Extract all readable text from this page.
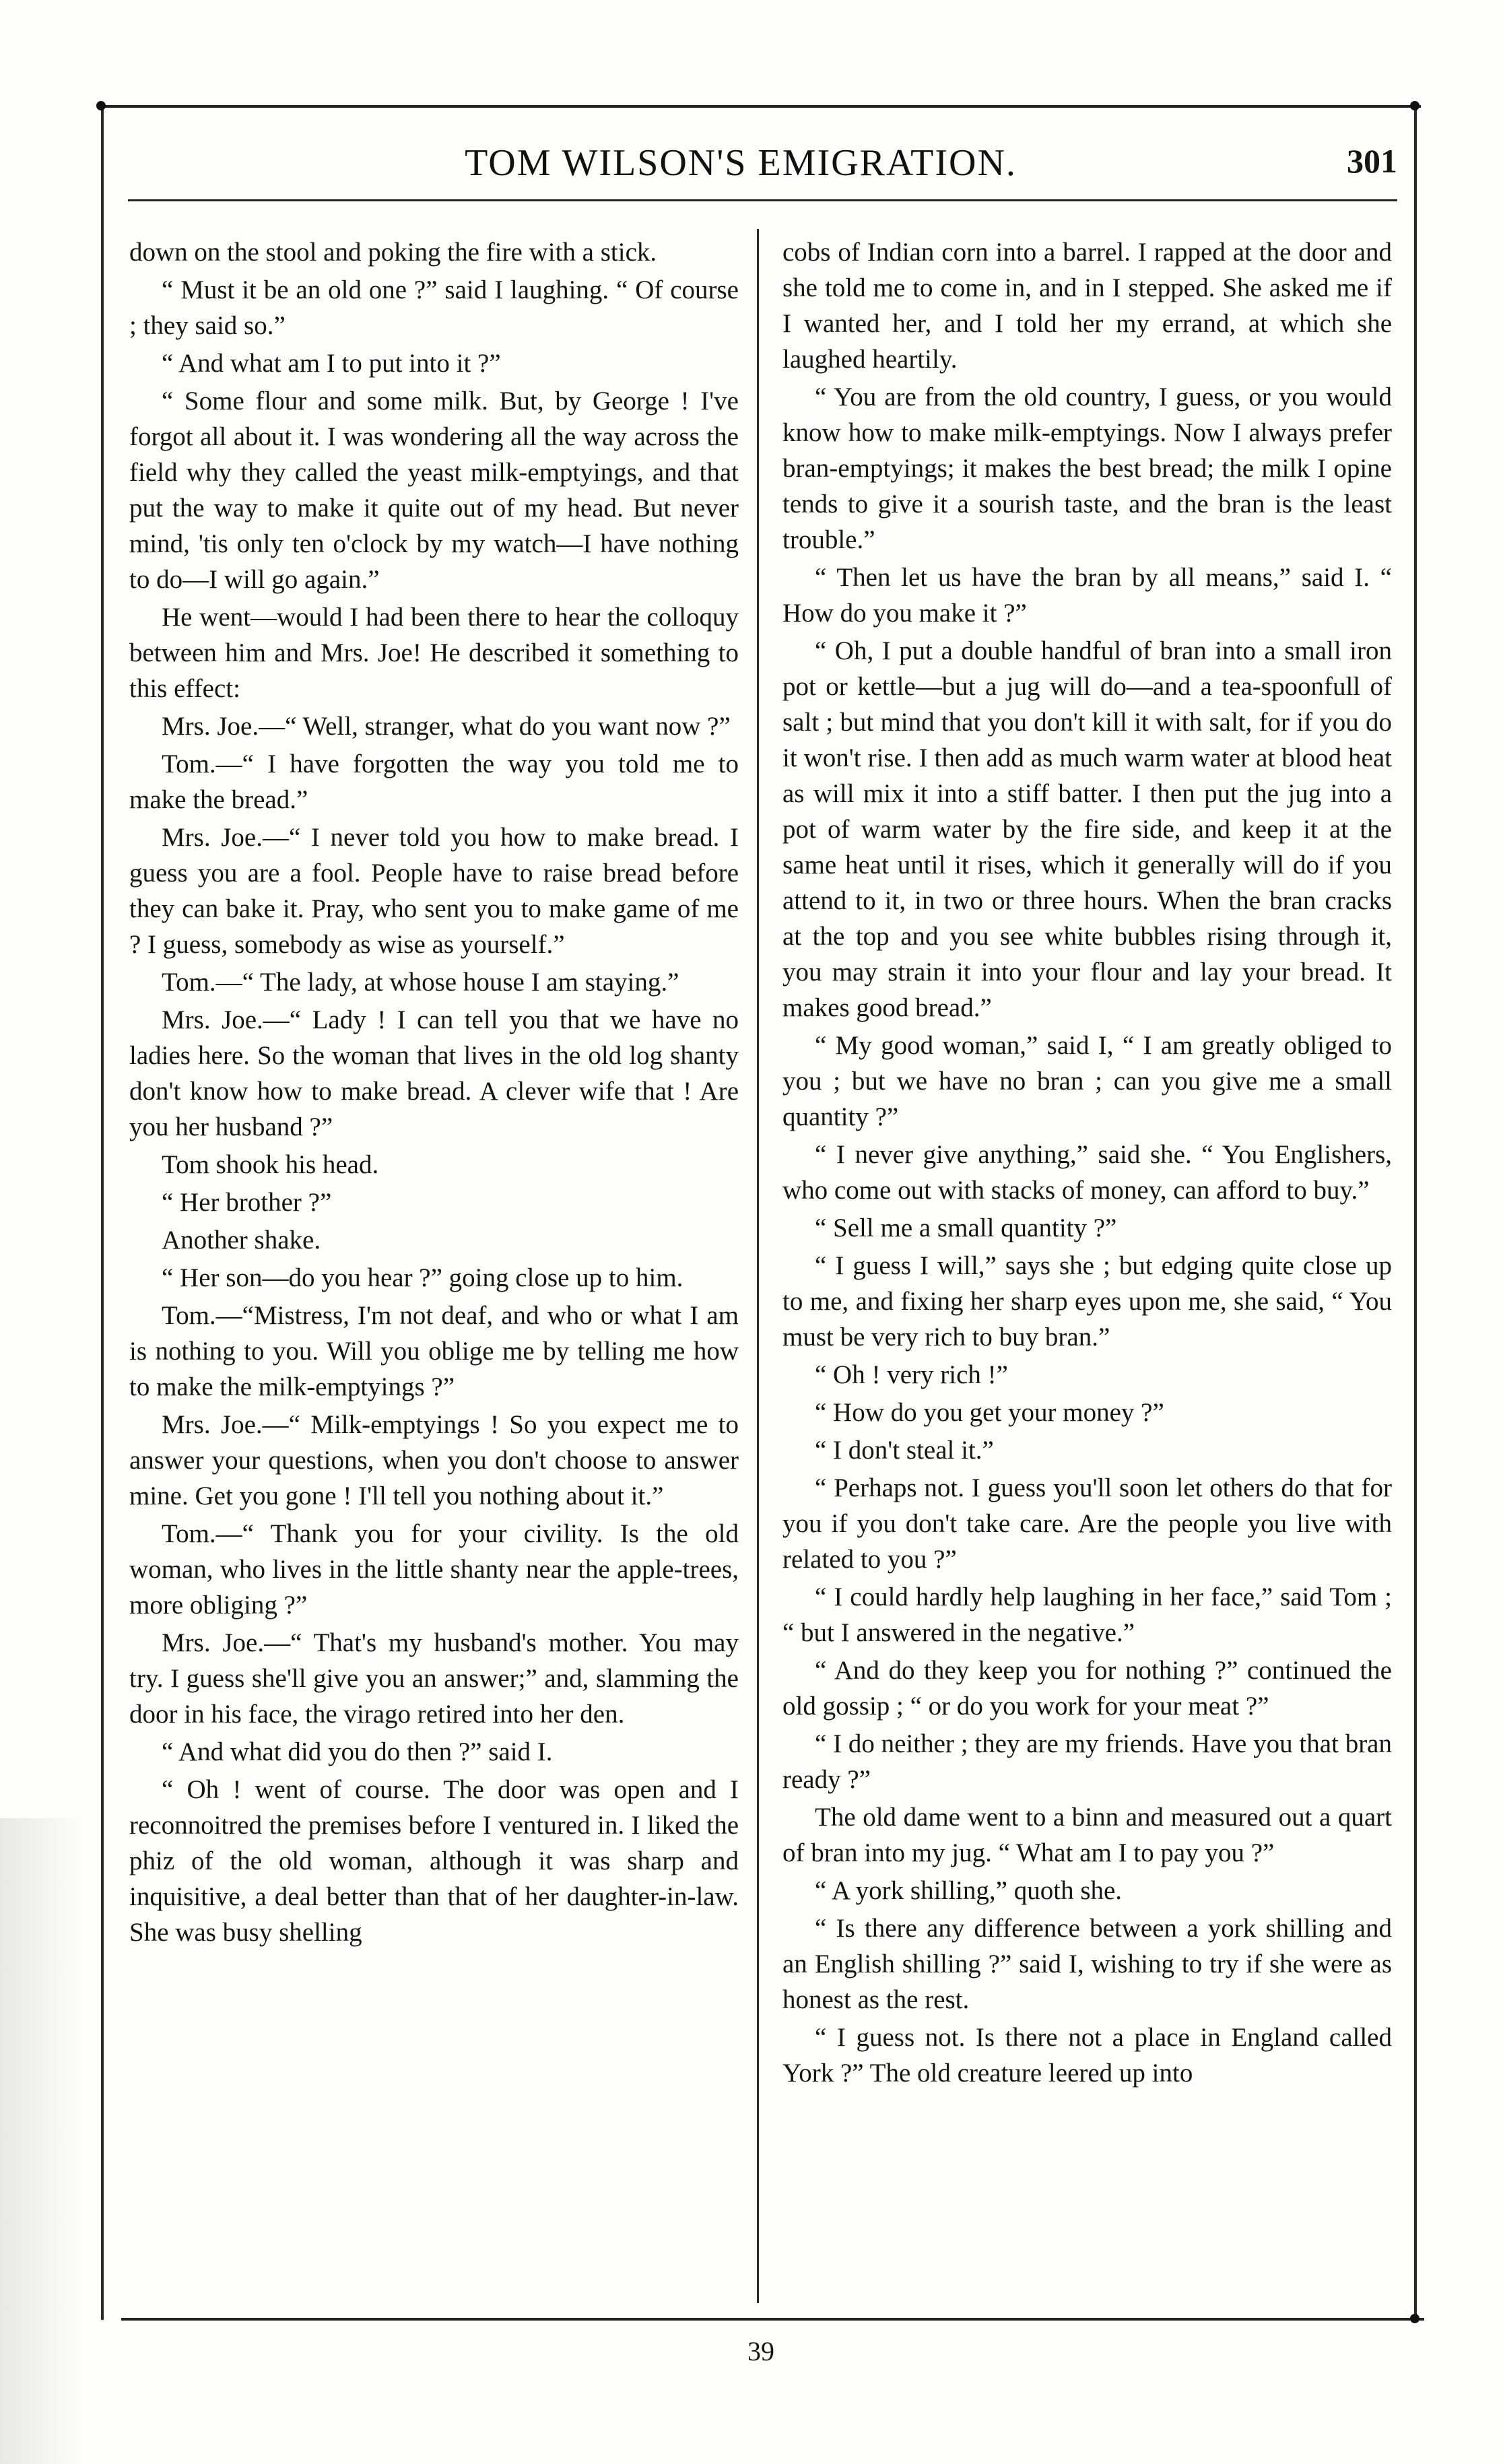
TOM WILSON'S EMIGRATION.	301

down on the stool and poking the fire with a stick.

“ Must it be an old one ?” said I laughing. “ Of course ; they said so.”

“ And what am I to put into it ?”

“ Some flour and some milk. But, by George ! I've forgot all about it. I was wondering all the way across the field why they called the yeast milk-emptyings, and that put the way to make it quite out of my head. But never mind, 'tis only ten o'clock by my watch—I have nothing to do—I will go again.”

He went—would I had been there to hear the colloquy between him and Mrs. Joe! He described it something to this effect:

Mrs. Joe.—“ Well, stranger, what do you want now ?”

Tom.—“ I have forgotten the way you told me to make the bread.”

Mrs. Joe.—“ I never told you how to make bread. I guess you are a fool. People have to raise bread before they can bake it. Pray, who sent you to make game of me ? I guess, somebody as wise as yourself.”

Tom.—“ The lady, at whose house I am staying.”

Mrs. Joe.—“ Lady ! I can tell you that we have no ladies here. So the woman that lives in the old log shanty don't know how to make bread. A clever wife that ! Are you her husband ?”

Tom shook his head.

“ Her brother ?”

Another shake.

“ Her son—do you hear ?” going close up to him.

Tom.—“Mistress, I'm not deaf, and who or what I am is nothing to you. Will you oblige me by telling me how to make the milk-emptyings ?”

Mrs. Joe.—“ Milk-emptyings ! So you expect me to answer your questions, when you don't choose to answer mine. Get you gone ! I'll tell you nothing about it.”

Tom.—“ Thank you for your civility. Is the old woman, who lives in the little shanty near the apple-trees, more obliging ?”

Mrs. Joe.—“ That's my husband's mother. You may try. I guess she'll give you an answer;” and, slamming the door in his face, the virago retired into her den.

“ And what did you do then ?” said I.

“ Oh ! went of course. The door was open and I reconnoitred the premises before I ventured in. I liked the phiz of the old woman, although it was sharp and inquisitive, a deal better than that of her daughter-in-law. She was busy shelling

cobs of Indian corn into a barrel. I rapped at the door and she told me to come in, and in I stepped. She asked me if I wanted her, and I told her my errand, at which she laughed heartily.

“ You are from the old country, I guess, or you would know how to make milk-emptyings. Now I always prefer bran-emptyings; it makes the best bread; the milk I opine tends to give it a sourish taste, and the bran is the least trouble.”

“ Then let us have the bran by all means,” said I. “ How do you make it ?”

“ Oh, I put a double handful of bran into a small iron pot or kettle—but a jug will do—and a tea-spoonfull of salt ; but mind that you don't kill it with salt, for if you do it won't rise. I then add as much warm water at blood heat as will mix it into a stiff batter. I then put the jug into a pot of warm water by the fire side, and keep it at the same heat until it rises, which it generally will do if you attend to it, in two or three hours. When the bran cracks at the top and you see white bubbles rising through it, you may strain it into your flour and lay your bread. It makes good bread.”

“ My good woman,” said I, “ I am greatly obliged to you ; but we have no bran ; can you give me a small quantity ?”

“ I never give anything,” said she. “ You Englishers, who come out with stacks of money, can afford to buy.”

“ Sell me a small quantity ?”

“ I guess I will,” says she ; but edging quite close up to me, and fixing her sharp eyes upon me, she said, “ You must be very rich to buy bran.”

“ Oh ! very rich !”

“ How do you get your money ?”

“ I don't steal it.”

“ Perhaps not. I guess you'll soon let others do that for you if you don't take care. Are the people you live with related to you ?”

“ I could hardly help laughing in her face,” said Tom ; “ but I answered in the negative.”

“ And do they keep you for nothing ?” continued the old gossip ; “ or do you work for your meat ?”

“ I do neither ; they are my friends. Have you that bran ready ?”

The old dame went to a binn and measured out a quart of bran into my jug. “ What am I to pay you ?”

“ A york shilling,” quoth she.

“ Is there any difference between a york shilling and an English shilling ?” said I, wishing to try if she were as honest as the rest.

“ I guess not. Is there not a place in England called York ?” The old creature leered up into

39
